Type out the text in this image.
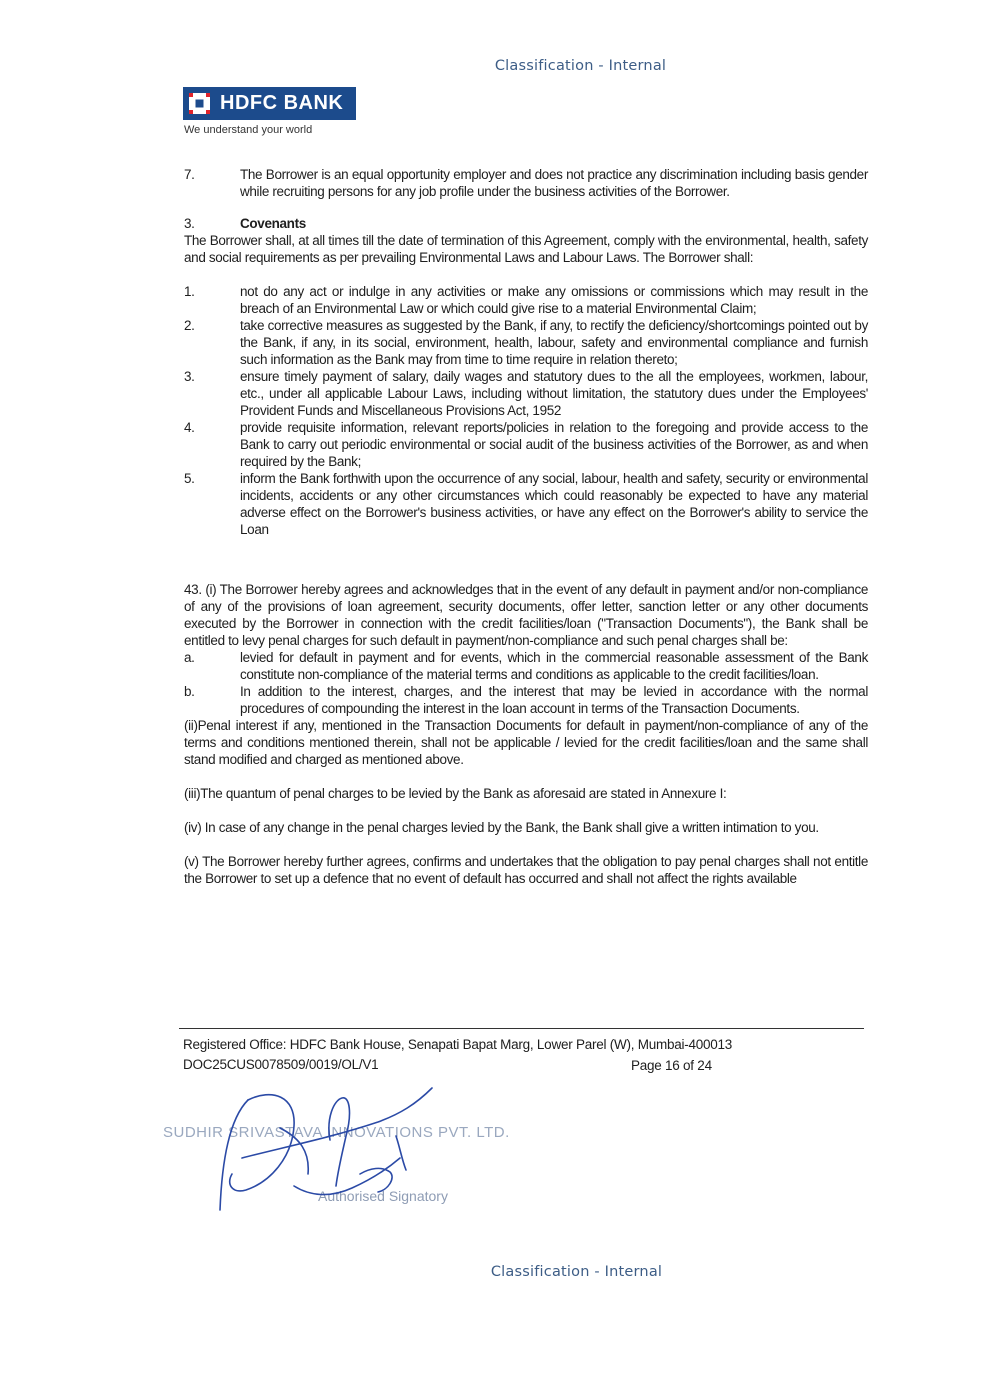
Classification - Internal
HDFC BANK
We understand your world

7.	The Borrower is an equal opportunity employer and does not practice any discrimination including basis gender while recruiting persons for any job profile under the business activities of the Borrower.

3.	Covenants

The Borrower shall, at all times till the date of termination of this Agreement, comply with the environmental, health, safety and social requirements as per prevailing Environmental Laws and Labour Laws. The Borrower shall:

1.	not do any act or indulge in any activities or make any omissions or commissions which may result in the breach of an Environmental Law or which could give rise to a material Environmental Claim;

2.	take corrective measures as suggested by the Bank, if any, to rectify the deficiency/shortcomings pointed out by the Bank, if any, in its social, environment, health, labour, safety and environmental compliance and furnish such information as the Bank may from time to time require in relation thereto;

3.	ensure timely payment of salary, daily wages and statutory dues to the all the employees, workmen, labour, etc., under all applicable Labour Laws, including without limitation, the statutory dues under the Employees' Provident Funds and Miscellaneous Provisions Act, 1952

4.	provide requisite information, relevant reports/policies in relation to the foregoing and provide access to the Bank to carry out periodic environmental or social audit of the business activities of the Borrower, as and when required by the Bank;

5.	inform the Bank forthwith upon the occurrence of any social, labour, health and safety, security or environmental incidents, accidents or any other circumstances which could reasonably be expected to have any material adverse effect on the Borrower's business activities, or have any effect on the Borrower's ability to service the Loan

43. (i) The Borrower hereby agrees and acknowledges that in the event of any default in payment and/or non-compliance of any of the provisions of loan agreement, security documents, offer letter, sanction letter or any other documents executed by the Borrower in connection with the credit facilities/loan ("Transaction Documents"), the Bank shall be entitled to levy penal charges for such default in payment/non-compliance and such penal charges shall be:

a.	levied for default in payment and for events, which in the commercial reasonable assessment of the Bank constitute non-compliance of the material terms and conditions as applicable to the credit facilities/loan.

b.	In addition to the interest, charges, and the interest that may be levied in accordance with the normal procedures of compounding the interest in the loan account in terms of the Transaction Documents.

(ii)Penal interest if any, mentioned in the Transaction Documents for default in payment/non-compliance of any of the terms and conditions mentioned therein, shall not be applicable / levied for the credit facilities/loan and the same shall stand modified and charged as mentioned above.

(iii)The quantum of penal charges to be levied by the Bank as aforesaid are stated in Annexure I:

(iv) In case of any change in the penal charges levied by the Bank, the Bank shall give a written intimation to you.

(v) The Borrower hereby further agrees, confirms and undertakes that the obligation to pay penal charges shall not entitle the Borrower to set up a defence that no event of default has occurred and shall not affect the rights available

Registered Office: HDFC Bank House, Senapati Bapat Marg, Lower Parel (W), Mumbai-400013
DOC25CUS0078509/0019/OL/V1	Page 16 of 24
SUDHIR SRIVASTAVA INNOVATIONS PVT. LTD.
Authorised Signatory
Classification - Internal
